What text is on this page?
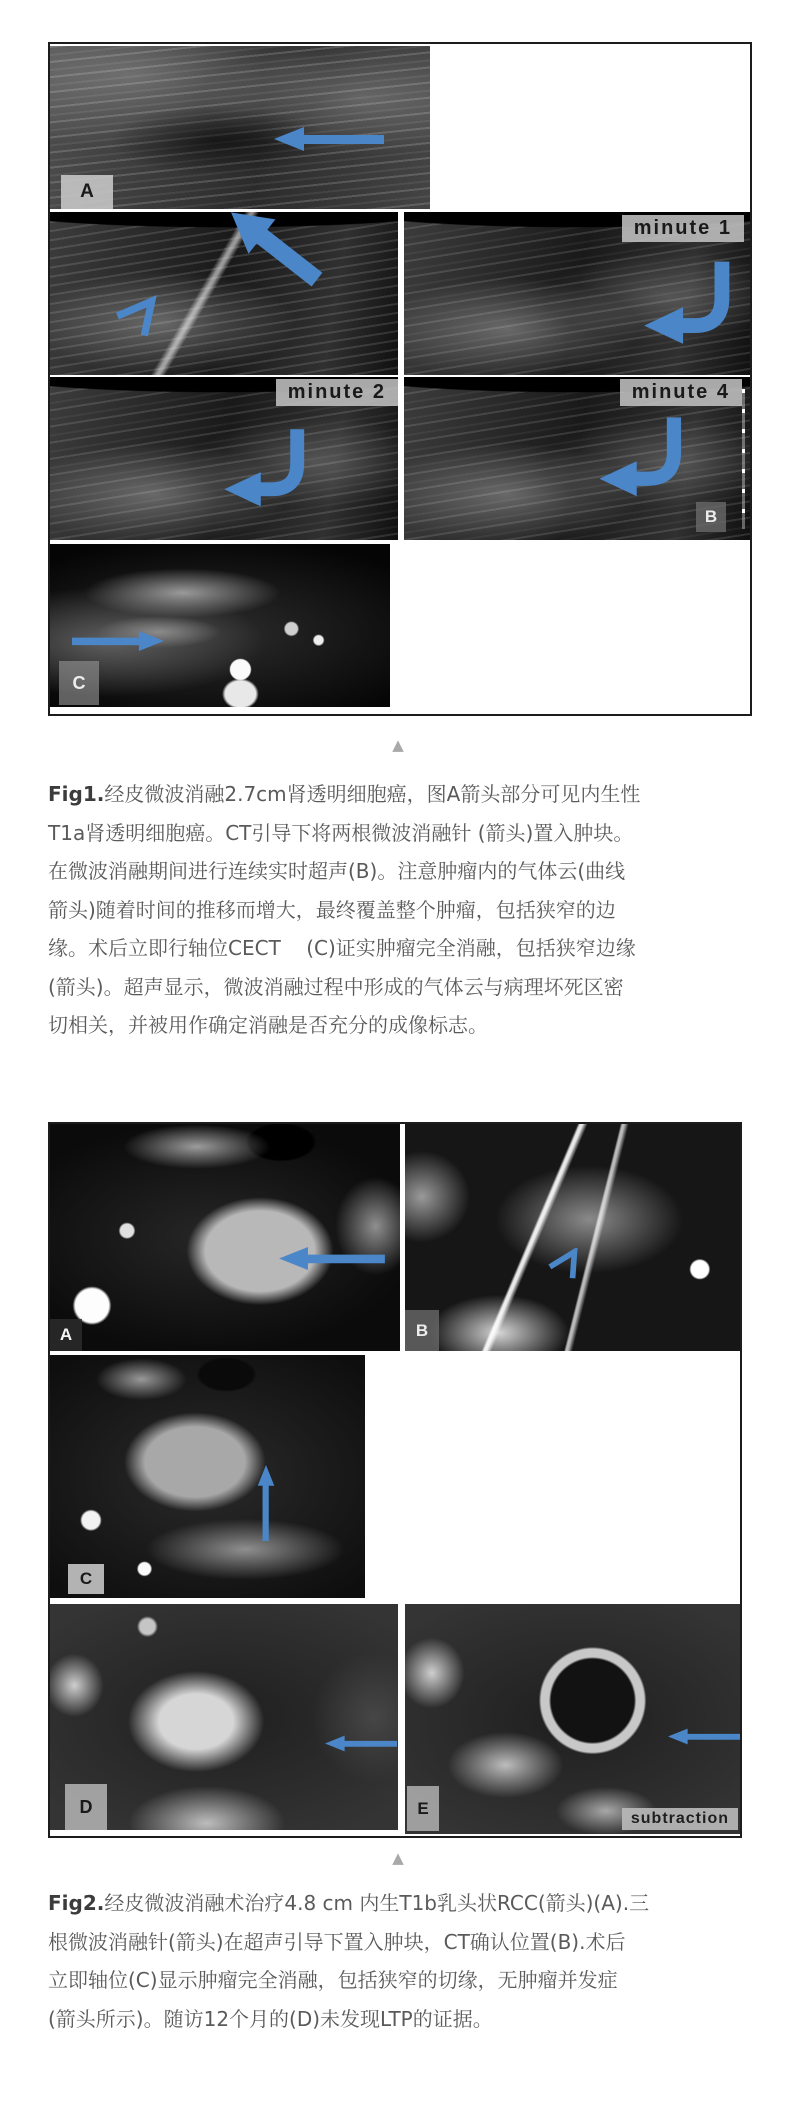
A
minute 1
minute 2	minute 4
B
C
▲

Fig1.经皮微波消融2.7cm肾透明细胞癌，图A箭头部分可见内生性

T1a肾透明细胞癌。CT引导下将两根微波消融针 (箭头)置入肿块。

在微波消融期间进行连续实时超声(B)。注意肿瘤内的气体云(曲线

箭头)随着时间的推移而增大，最终覆盖整个肿瘤，包括狭窄的边

缘。术后立即行轴位CECT    (C)证实肿瘤完全消融，包括狭窄边缘

(箭头)。超声显示，微波消融过程中形成的气体云与病理坏死区密

切相关，并被用作确定消融是否充分的成像标志。

A	B
C
D	E
subtraction
▲

Fig2.经皮微波消融术治疗4.8 cm 内生T1b乳头状RCC(箭头)(A).三

根微波消融针(箭头)在超声引导下置入肿块，CT确认位置(B).术后

立即轴位(C)显示肿瘤完全消融，包括狭窄的切缘，无肿瘤并发症

(箭头所示)。随访12个月的(D)未发现LTP的证据。
